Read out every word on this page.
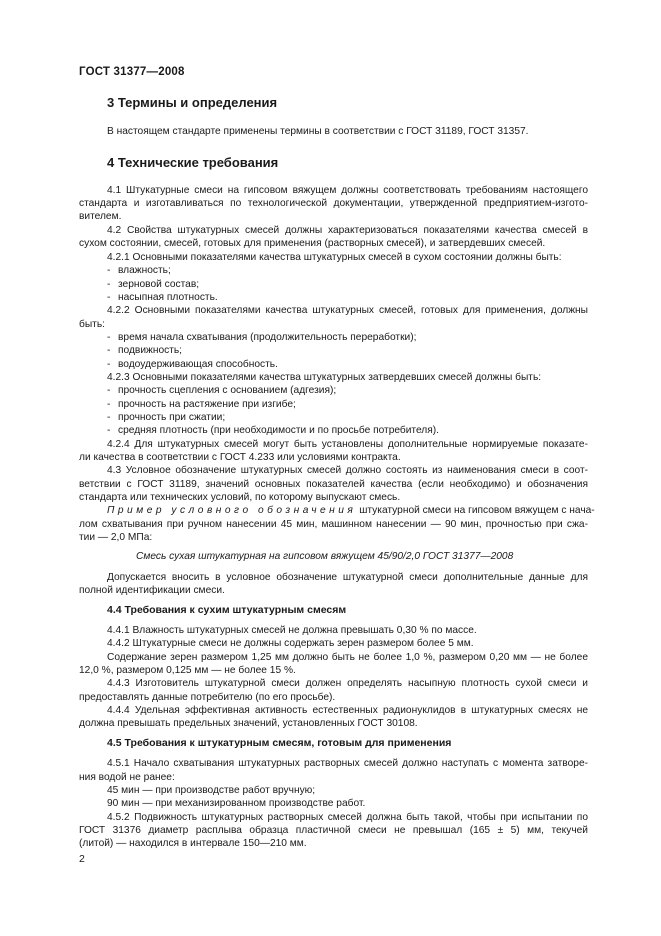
ГОСТ 31377—2008
3 Термины и определения
В настоящем стандарте применены термины в соответствии с ГОСТ 31189, ГОСТ 31357.
4 Технические требования
4.1 Штукатурные смеси на гипсовом вяжущем должны соответствовать требованиям настоящего
стандарта и изготавливаться по технологической документации, утвержденной предприятием-изгото-
вителем.
4.2 Свойства штукатурных смесей должны характеризоваться показателями качества смесей в
сухом состоянии, смесей, готовых для применения (растворных смесей), и затвердевших смесей.
4.2.1 Основными показателями качества штукатурных смесей в сухом состоянии должны быть:
- влажность;
- зерновой состав;
- насыпная плотность.
4.2.2 Основными показателями качества штукатурных смесей, готовых для применения, должны
быть:
- время начала схватывания (продолжительность переработки);
- подвижность;
- водоудерживающая способность.
4.2.3 Основными показателями качества штукатурных затвердевших смесей должны быть:
- прочность сцепления с основанием (адгезия);
- прочность на растяжение при изгибе;
- прочность при сжатии;
- средняя плотность (при необходимости и по просьбе потребителя).
4.2.4 Для штукатурных смесей могут быть установлены дополнительные нормируемые показате-
ли качества в соответствии с ГОСТ 4.233 или условиями контракта.
4.3 Условное обозначение штукатурных смесей должно состоять из наименования смеси в соот-
ветствии с ГОСТ 31189, значений основных показателей качества (если необходимо) и обозначения
стандарта или технических условий, по которому выпускают смесь.
Пример условного обозначения штукатурной смеси на гипсовом вяжущем с нача-
лом схватывания при ручном нанесении 45 мин, машинном нанесении — 90 мин, прочностью при сжа-
тии — 2,0 МПа:
Смесь сухая штукатурная на гипсовом вяжущем 45/90/2,0 ГОСТ 31377—2008
Допускается вносить в условное обозначение штукатурной смеси дополнительные данные для
полной идентификации смеси.
4.4 Требования к сухим штукатурным смесям
4.4.1 Влажность штукатурных смесей не должна превышать 0,30 % по массе.
4.4.2 Штукатурные смеси не должны содержать зерен размером более 5 мм.
Содержание зерен размером 1,25 мм должно быть не более 1,0 %, размером 0,20 мм — не более
12,0 %, размером 0,125 мм — не более 15 %.
4.4.3 Изготовитель штукатурной смеси должен определять насыпную плотность сухой смеси и
предоставлять данные потребителю (по его просьбе).
4.4.4 Удельная эффективная активность естественных радионуклидов в штукатурных смесях не
должна превышать предельных значений, установленных ГОСТ 30108.
4.5 Требования к штукатурным смесям, готовым для применения
4.5.1 Начало схватывания штукатурных растворных смесей должно наступать с момента затворе-
ния водой не ранее:
45 мин — при производстве работ вручную;
90 мин — при механизированном производстве работ.
4.5.2 Подвижность штукатурных растворных смесей должна быть такой, чтобы при испытании по
ГОСТ 31376 диаметр расплыва образца пластичной смеси не превышал (165 ± 5) мм, текучей
(литой) — находился в интервале 150—210 мм.
2
